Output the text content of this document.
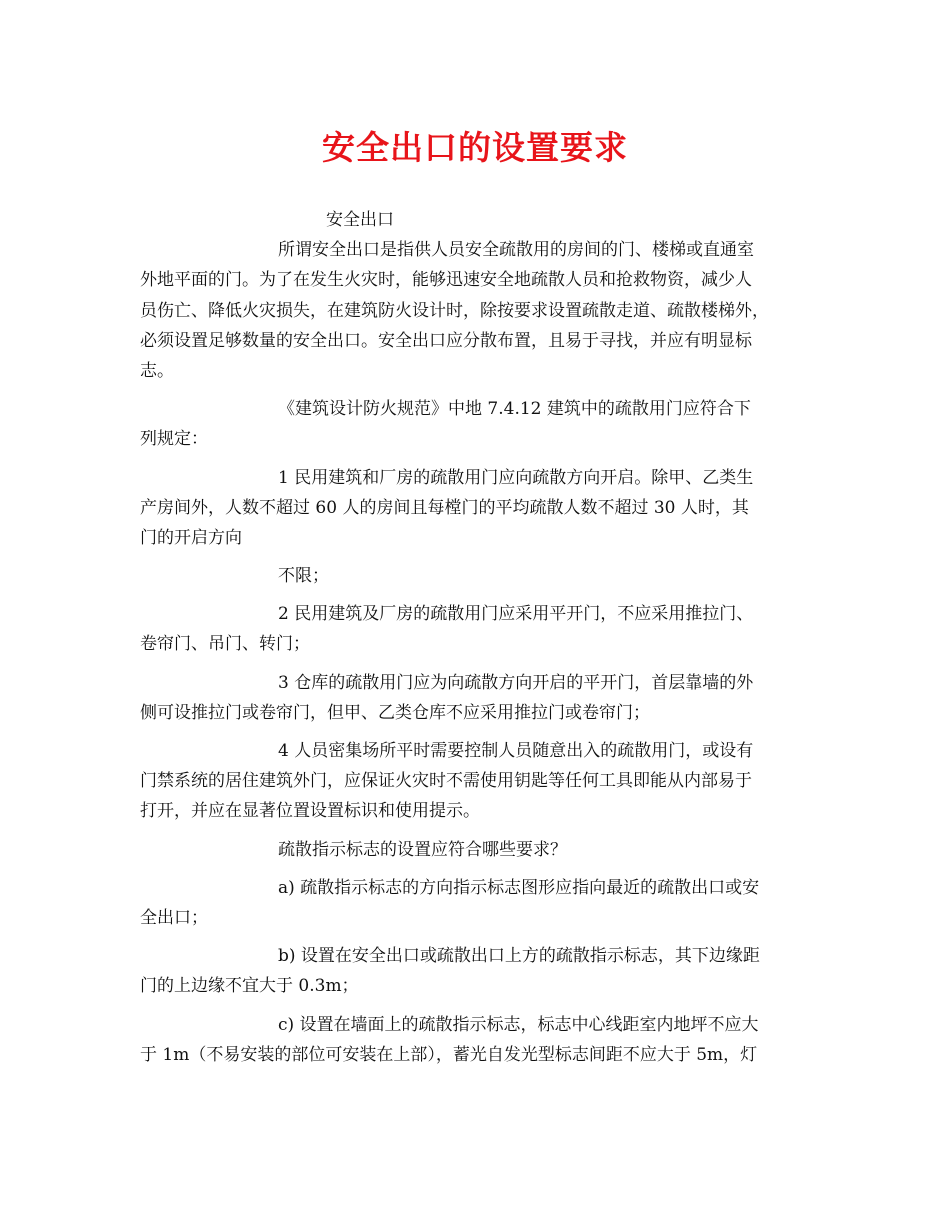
安全出口的设置要求
安全出口
所谓安全出口是指供人员安全疏散用的房间的门、楼梯或直通室
外地平面的门。为了在发生火灾时，能够迅速安全地疏散人员和抢救物资，减少人
员伤亡、降低火灾损失，在建筑防火设计时，除按要求设置疏散走道、疏散楼梯外，
必须设置足够数量的安全出口。安全出口应分散布置，且易于寻找，并应有明显标
志。
《建筑设计防火规范》中地 7.4.12 建筑中的疏散用门应符合下
列规定：
1 民用建筑和厂房的疏散用门应向疏散方向开启。除甲、乙类生
产房间外，人数不超过 60 人的房间且每樘门的平均疏散人数不超过 30 人时，其
门的开启方向
不限；
2 民用建筑及厂房的疏散用门应采用平开门，不应采用推拉门、
卷帘门、吊门、转门；
3 仓库的疏散用门应为向疏散方向开启的平开门，首层靠墙的外
侧可设推拉门或卷帘门，但甲、乙类仓库不应采用推拉门或卷帘门；
4 人员密集场所平时需要控制人员随意出入的疏散用门，或设有
门禁系统的居住建筑外门，应保证火灾时不需使用钥匙等任何工具即能从内部易于
打开，并应在显著位置设置标识和使用提示。
疏散指示标志的设置应符合哪些要求？
a) 疏散指示标志的方向指示标志图形应指向最近的疏散出口或安
全出口；
b) 设置在安全出口或疏散出口上方的疏散指示标志，其下边缘距
门的上边缘不宜大于 0.3m；
c) 设置在墙面上的疏散指示标志，标志中心线距室内地坪不应大
于 1m（不易安装的部位可安装在上部），蓄光自发光型标志间距不应大于 5m，灯
